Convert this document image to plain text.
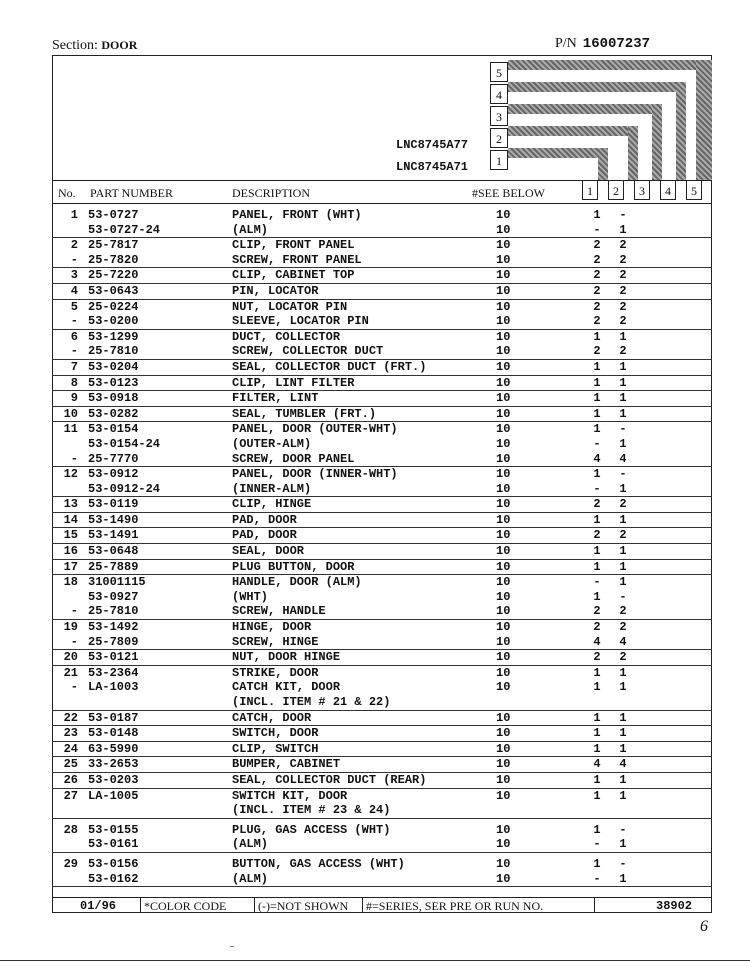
Section: DOOR	P/N 16007237
LNC8745A77
LNC8745A71
5
4
3
2
1
1	2	3	4	5
No. PART NUMBER	DESCRIPTION	#SEE BELOW
1 53-0727	PANEL, FRONT (WHT)	10	1 -
53-0727-24	(ALM)	10	- 1
2 25-7817	CLIP, FRONT PANEL	10	2 2
- 25-7820	SCREW, FRONT PANEL	10	2 2
3 25-7220	CLIP, CABINET TOP	10	2 2
4 53-0643	PIN, LOCATOR	10	2 2
5 25-0224	NUT, LOCATOR PIN	10	2 2
- 53-0200	SLEEVE, LOCATOR PIN	10	2 2
6 53-1299	DUCT, COLLECTOR	10	1 1
- 25-7810	SCREW, COLLECTOR DUCT	10	2 2
7 53-0204	SEAL, COLLECTOR DUCT (FRT.)	10	1 1
8 53-0123	CLIP, LINT FILTER	10	1 1
9 53-0918	FILTER, LINT	10	1 1
10 53-0282	SEAL, TUMBLER (FRT.)	10	1 1
11 53-0154	PANEL, DOOR (OUTER-WHT)	10	1 -
53-0154-24	(OUTER-ALM)	10	- 1
- 25-7770	SCREW, DOOR PANEL	10	4 4
12 53-0912	PANEL, DOOR (INNER-WHT)	10	1 -
53-0912-24	(INNER-ALM)	10	- 1
13 53-0119	CLIP, HINGE	10	2 2
14 53-1490	PAD, DOOR	10	1 1
15 53-1491	PAD, DOOR	10	2 2
16 53-0648	SEAL, DOOR	10	1 1
17 25-7889	PLUG BUTTON, DOOR	10	1 1
18 31001115	HANDLE, DOOR (ALM)	10	- 1
53-0927	(WHT)	10	1 -
- 25-7810	SCREW, HANDLE	10	2 2
19 53-1492	HINGE, DOOR	10	2 2
- 25-7809	SCREW, HINGE	10	4 4
20 53-0121	NUT, DOOR HINGE	10	2 2
21 53-2364	STRIKE, DOOR	10	1 1
- LA-1003	CATCH KIT, DOOR	10	1 1
(INCL. ITEM # 21 & 22)
22 53-0187	CATCH, DOOR	10	1 1
23 53-0148	SWITCH, DOOR	10	1 1
24 63-5990	CLIP, SWITCH	10	1 1
25 33-2653	BUMPER, CABINET	10	4 4
26 53-0203	SEAL, COLLECTOR DUCT (REAR)	10	1 1
27 LA-1005	SWITCH KIT, DOOR	10	1 1
(INCL. ITEM # 23 & 24)
28 53-0155	PLUG, GAS ACCESS (WHT)	10	1 -
53-0161	(ALM)	10	- 1
29 53-0156	BUTTON, GAS ACCESS (WHT)	10	1 -
53-0162	(ALM)	10	- 1
01/96 *COLOR CODE	(-)=NOT SHOWN #=SERIES, SER PRE OR RUN NO.	38902
6
